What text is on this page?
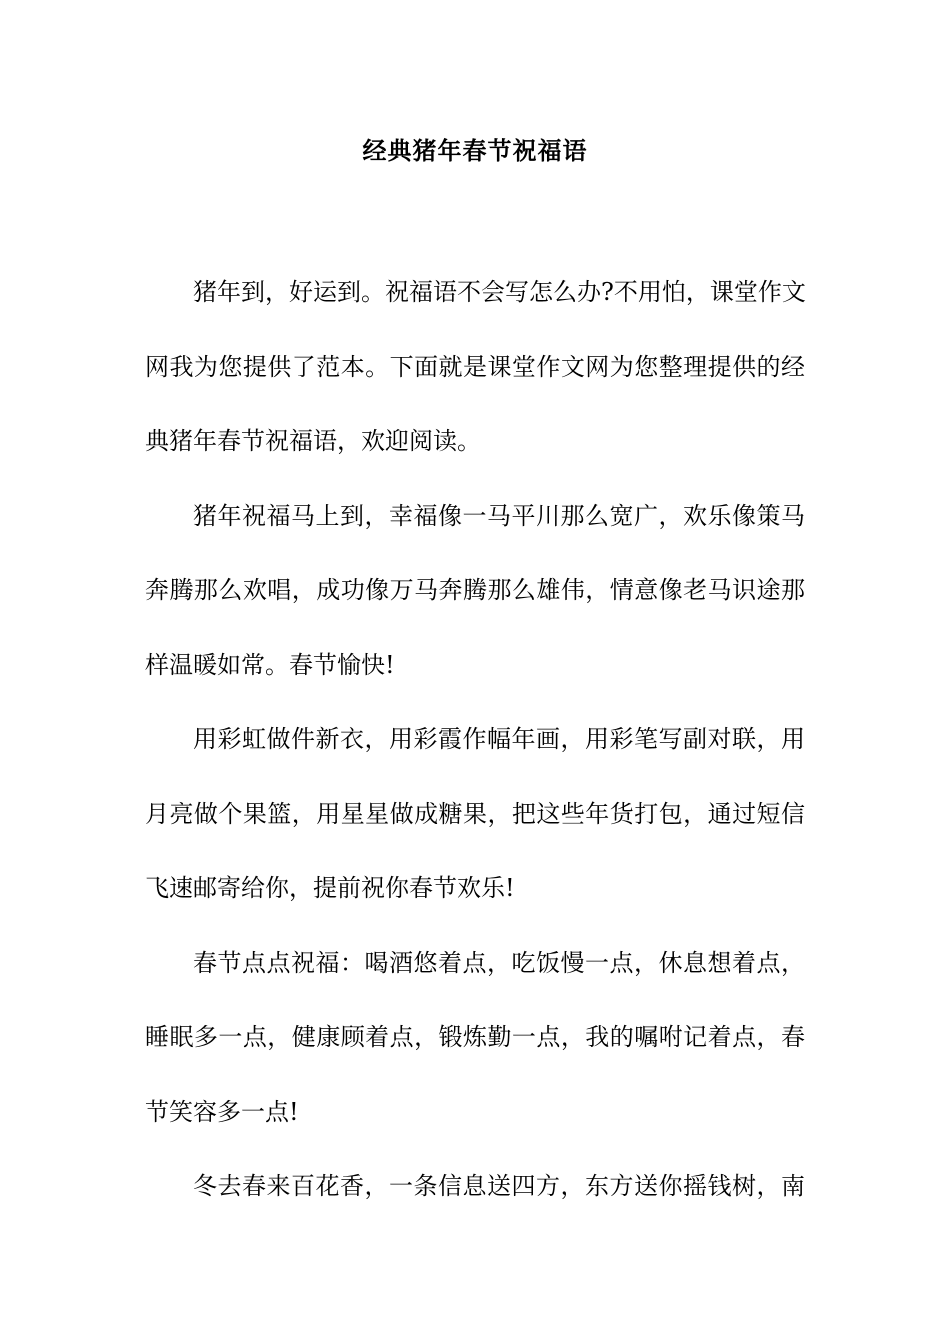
经典猪年春节祝福语

猪年到，好运到。祝福语不会写怎么办?不用怕，课堂作文
网我为您提供了范本。下面就是课堂作文网为您整理提供的经
典猪年春节祝福语，欢迎阅读。

猪年祝福马上到，幸福像一马平川那么宽广，欢乐像策马
奔腾那么欢唱，成功像万马奔腾那么雄伟，情意像老马识途那
样温暖如常。春节愉快!

用彩虹做件新衣，用彩霞作幅年画，用彩笔写副对联，用
月亮做个果篮，用星星做成糖果，把这些年货打包，通过短信
飞速邮寄给你，提前祝你春节欢乐!

春节点点祝福：喝酒悠着点，吃饭慢一点，休息想着点，
睡眠多一点，健康顾着点，锻炼勤一点，我的嘱咐记着点，春
节笑容多一点!

冬去春来百花香，一条信息送四方，东方送你摇钱树，南
